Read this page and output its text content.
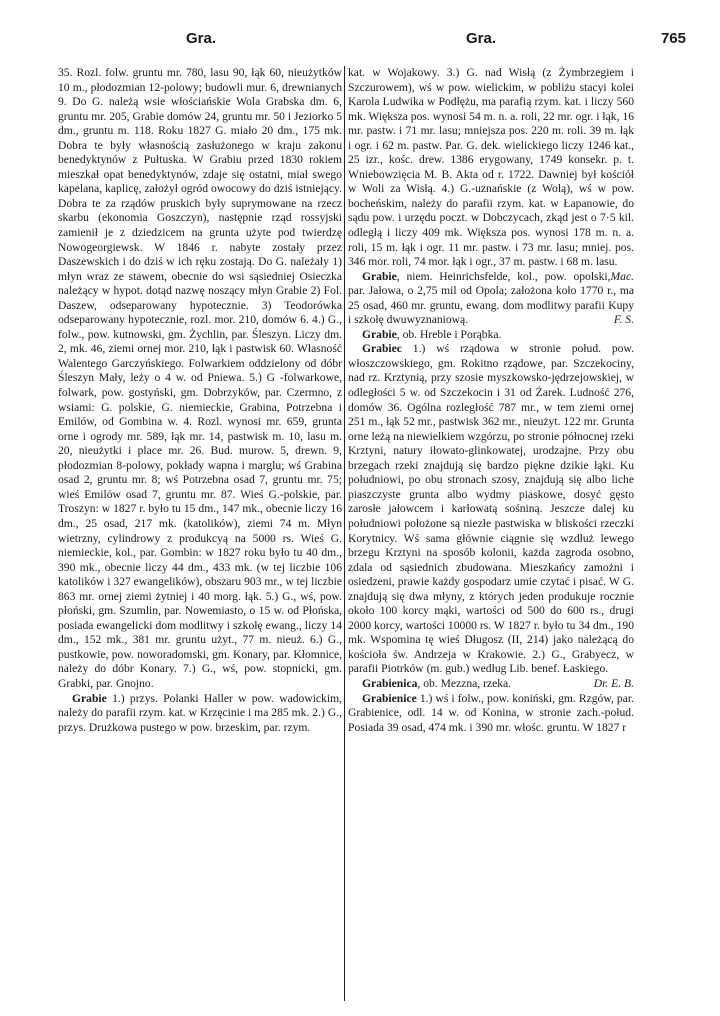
Gra.	Gra.	765

35. Rozl. folw. gruntu mr. 780, lasu 90, łąk 60, nieużytków 10 m., płodozmian 12-polowy; budowli mur. 6, drewnianych 9. Do G. należą wsie włościańskie Wola Grabska dm. 6, gruntu mr. 205, Grabie domów 24, gruntu mr. 50 i Jeziorko 5 dm., gruntu m. 118. Roku 1827 G. miało 20 dm., 175 mk. Dobra te były własnością zasłużonego w kraju zakonu benedyktynów z Pułtuska. W Grabiu przed 1830 rokiem mieszkał opat benedyktynów, zdaje się ostatni, miał swego kapelana, kaplicę, założył ogród owocowy do dziś istniejący. Dobra te za rządów pruskich były suprymowane na rzecz skarbu (ekonomia Goszczyn), następnie rząd rossyjski zamienił je z dziedzicem na grunta użyte pod twierdzę Nowogeorgiewsk. W 1846 r. nabyte zostały przez Daszewskich i do dziś w ich ręku zostają. Do G. należały 1) młyn wraz ze stawem, obecnie do wsi sąsiedniej Osieczka należący w hypot. dotąd nazwę noszący młyn Grabie 2) Fol. Daszew, odseparowany hypotecznie. 3) Teodorówka odseparowany hypotecznie, rozl. mor. 210, domów 6. 4.) G., folw., pow. kutnowski, gm. Żychlin, par. Śleszyn. Liczy dm. 2, mk. 46, ziemi ornej mor. 210, łąk i pastwisk 60. Własność Walentego Garczyńskiego. Folwarkiem oddzielony od dóbr Śleszyn Mały, leży o 4 w. od Pniewa. 5.) G -folwarkowe, folwark, pow. gostyński, gm. Dobrzyków, par. Czermno, z wsiami: G. polskie, G. niemieckie, Grabina, Potrzebna i Emilów, od Gombina w. 4. Rozl. wynosi mr. 659, grunta orne i ogrody mr. 589, łąk mr. 14, pastwisk m. 10, lasu m. 20, nieużytki i place mr. 26. Bud. murow. 5, drewn. 9, płodozmian 8-polowy, pokłady wapna i marglu; wś Grabina osad 2, gruntu mr. 8; wś Potrzebna osad 7, gruntu mr. 75; wieś Emilów osad 7, gruntu mr. 87. Wieś G.-polskie, par. Troszyn: w 1827 r. było tu 15 dm., 147 mk., obecnie liczy 16 dm., 25 osad, 217 mk. (katolików), ziemi 74 m. Młyn wietrzny, cylindrowy z produkcyą na 5000 rs. Wieś G. niemieckie, kol., par. Gombin: w 1827 roku było tu 40 dm., 390 mk., obecnie liczy 44 dm., 433 mk. (w tej liczbie 106 katolików i 327 ewangelików), obszaru 903 mr., w tej liczbie 863 mr. ornej ziemi żytniej i 40 morg. łąk. 5.) G., wś, pow. płoński, gm. Szumlin, par. Nowemiasto, o 15 w. od Płońska, posiada ewangelicki dom modlitwy i szkołę ewang., liczy 14 dm., 152 mk., 381 mr. gruntu użyt., 77 m. nieuż. 6.) G., pustkowie, pow. noworadomski, gm. Konary, par. Kłomnice, należy do dóbr Konary. 7.) G., wś, pow. stopnicki, gm. Grabki, par. Gnojno.

Grabie 1.) przys. Polanki Haller w pow. wadowickim, należy do parafii rzym. kat. w Krzęcinie i ma 285 mk. 2.) G., przys. Drużkowa pustego w pow. brzeskim, par. rzym.

kat. w Wojakowy. 3.) G. nad Wisłą (z Żymbrzegiem i Szczurowem), wś w pow. wielickim, w pobliżu stacyi kolei Karola Ludwika w Podłężu, ma parafią rzym. kat. i liczy 560 mk. Większa pos. wynosi 54 m. n. a. roli, 22 mr. ogr. i łąk, 16 mr. pastw. i 71 mr. lasu; mniejsza pos. 220 m. roli. 39 m. łąk i ogr. i 62 m. pastw. Par. G. dek. wielickiego liczy 1246 kat., 25 izr., kośc. drew. 1386 erygowany, 1749 konsekr. p. t. Wniebowzięcia M. B. Akta od r. 1722. Dawniej był kościół w Woli za Wisłą. 4.) G.-uznańskie (z Wolą), wś w pow. bocheńskim, należy do parafii rzym. kat. w Łapanowie, do sądu pow. i urzędu poczt. w Dobczycach, zkąd jest o 7·5 kil. odległą i liczy 409 mk. Większa pos. wynosi 178 m. n. a. roli, 15 m. łąk i ogr. 11 mr. pastw. i 73 mr. lasu; mniej. pos. 346 mor. roli, 74 mor. łąk i ogr., 37 m. pastw. i 68 m. lasu.
Mac.

Grabie, niem. Heinrichsfelde, kol., pow. opolski, par. Jałowa, o 2,75 mil od Opola; założona koło 1770 r., ma 25 osad, 460 mr. gruntu, ewang. dom modlitwy parafii Kupy i szkołę dwuwyznaniową.	F. S.

Grabie, ob. Hreble i Porąbka.

Grabiec 1.) wś rządowa w stronie połud. pow. włoszczowskiego, gm. Rokitno rządowe, par. Szczekociny, nad rz. Krztynią, przy szosie myszkowsko-jędrzejowskiej, w odległości 5 w. od Szczekocin i 31 od Żarek. Ludność 276, domów 36. Ogólna rozległość 787 mr., w tem ziemi ornej 251 m., łąk 52 mr., pastwisk 362 mr., nieużyt. 122 mr. Grunta orne leżą na niewielkiem wzgórzu, po stronie północnej rzeki Krztyni, natury iłowato-glinkowatej, urodzajne. Przy obu brzegach rzeki znajdują się bardzo piękne dzikie łąki. Ku południowi, po obu stronach szosy, znajdują się albo liche piaszczyste grunta albo wydmy piaskowe, dosyć gęsto zarosłe jałowcem i karłowatą sośniną. Jeszcze dalej ku południowi położone są niezłe pastwiska w bliskości rzeczki Korytnicy. Wś sama głównie ciągnie się wzdłuż lewego brzegu Krztyni na sposób kolonii, każda zagroda osobno, zdala od sąsiednich zbudowana. Mieszkańcy zamożni i osiedzeni, prawie każdy gospodarz umie czytać i pisać. W G. znajdują się dwa młyny, z których jeden produkuje rocznie około 100 korcy mąki, wartości od 500 do 600 rs., drugi 2000 korcy, wartości 10000 rs. W 1827 r. było tu 34 dm., 190 mk. Wspomina tę wieś Długosz (II, 214) jako należącą do kościoła św. Andrzeja w Krakowie. 2.) G., Grabyecz, w parafii Piotrków (m. gub.) według Lib. benef. Łaskiego.
Dr. E. B.

Grabienica, ob. Mezzna, rzeka.

Grabienice 1.) wś i folw., pow. koniński, gm. Rzgów, par. Grabienice, odl. 14 w. od Konina, w stronie zach.-połud. Posiada 39 osad, 474 mk. i 390 mr. włośc. gruntu. W 1827 r
